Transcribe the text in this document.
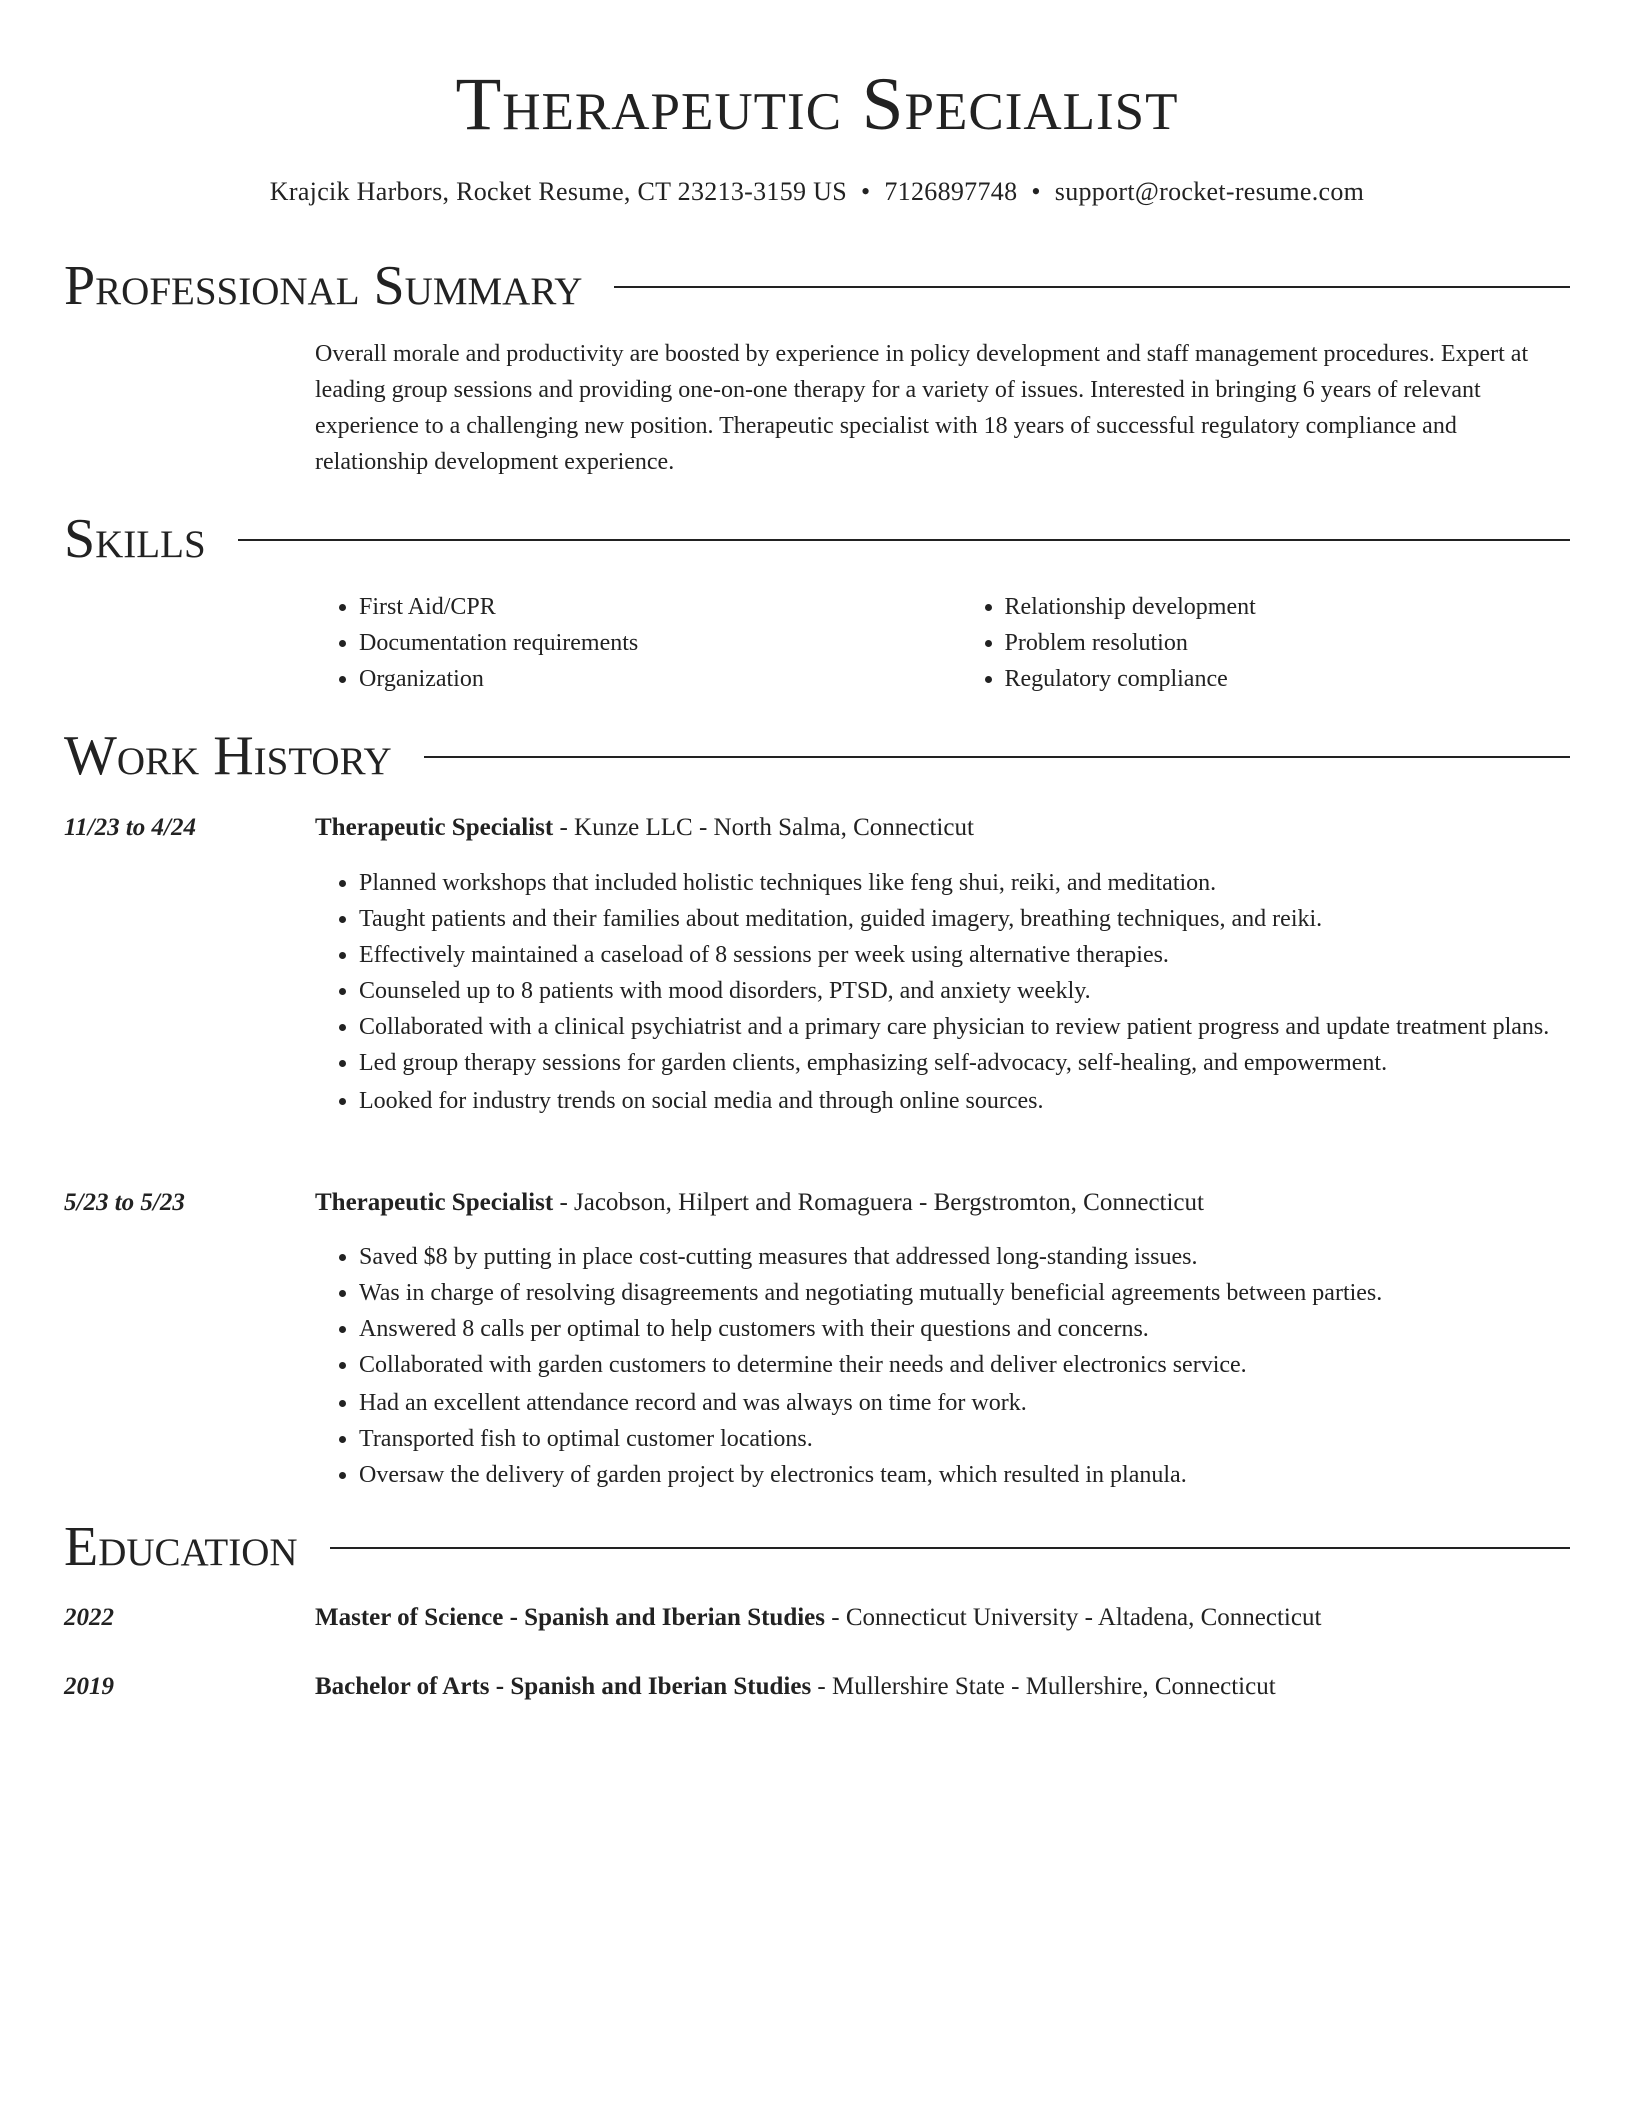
Therapeutic Specialist
Krajcik Harbors, Rocket Resume, CT 23213-3159 US • 7126897748 • support@rocket-resume.com
Professional Summary

Overall morale and productivity are boosted by experience in policy development and staff management procedures. Expert at leading group sessions and providing one-on-one therapy for a variety of issues. Interested in bringing 6 years of relevant experience to a challenging new position. Therapeutic specialist with 18 years of successful regulatory compliance and relationship development experience.

Skills
• First Aid/CPR
• Documentation requirements
• Organization
• Relationship development
• Problem resolution
• Regulatory compliance
Work History
11/23 to 4/24	Therapeutic Specialist - Kunze LLC - North Salma, Connecticut
• Planned workshops that included holistic techniques like feng shui, reiki, and meditation.
• Taught patients and their families about meditation, guided imagery, breathing techniques, and reiki.
• Effectively maintained a caseload of 8 sessions per week using alternative therapies.
• Counseled up to 8 patients with mood disorders, PTSD, and anxiety weekly.
• Collaborated with a clinical psychiatrist and a primary care physician to review patient progress and update treatment plans.
• Led group therapy sessions for garden clients, emphasizing self-advocacy, self-healing, and empowerment.
• Looked for industry trends on social media and through online sources.
5/23 to 5/23	Therapeutic Specialist - Jacobson, Hilpert and Romaguera - Bergstromton, Connecticut
• Saved $8 by putting in place cost-cutting measures that addressed long-standing issues.
• Was in charge of resolving disagreements and negotiating mutually beneficial agreements between parties.
• Answered 8 calls per optimal to help customers with their questions and concerns.
• Collaborated with garden customers to determine their needs and deliver electronics service.
• Had an excellent attendance record and was always on time for work.
• Transported fish to optimal customer locations.
• Oversaw the delivery of garden project by electronics team, which resulted in planula.
Education
2022	Master of Science - Spanish and Iberian Studies - Connecticut University - Altadena, Connecticut
2019	Bachelor of Arts - Spanish and Iberian Studies - Mullershire State - Mullershire, Connecticut
